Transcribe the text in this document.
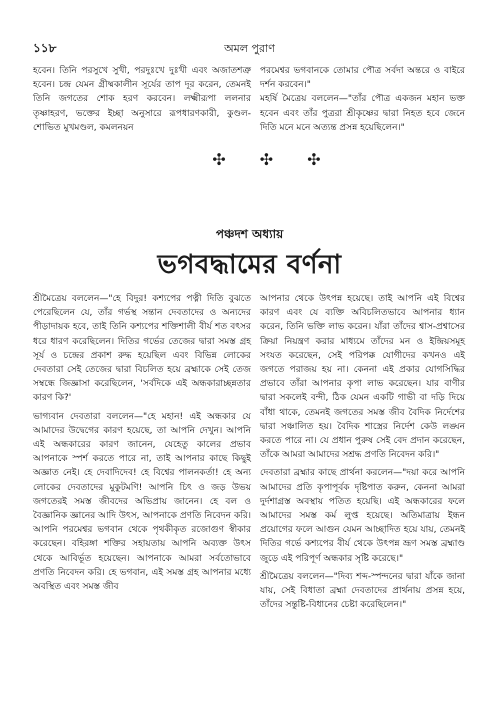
১১৮	অমল পুরাণ

হবেন। তিনি পরসুখে সুখী, পরদুঃখে দুঃখী এবং অজাতশত্রু হবেন। চন্দ্র যেমন গ্রীষ্মকালীন সূর্যের তাপ দূর করেন, তেমনই তিনি জগতের শোক হরণ করবেন। লক্ষ্মীরূপা ললনার তৃষ্ণাহরণ, ভক্তের ইচ্ছা অনুসারে রূপধারণকারী, কুণ্ডল-শোভিত মুখমণ্ডল, কমলনয়ন

পরমেশ্বর ভগবানকে তোমার পৌত্র সর্বদা অন্তরে ও বাইরে দর্শন করবেন।"

মহর্ষি মৈত্রেয় বললেন—"তাঁর পৌত্র একজন মহান ভক্ত হবেন এবং তাঁর পুত্ররা শ্রীকৃষ্ণের দ্বারা নিহত হবে জেনে দিতি মনে মনে অত্যন্ত প্রসন্ন হয়েছিলেন।"

✣✣✣
পঞ্চদশ অধ্যায়
ভগবদ্ধামের বর্ণনা

শ্রীমৈত্রেয় বললেন—"হে বিদুর! কশ্যপের পত্নী দিতি বুঝতে পেরেছিলেন যে, তাঁর গর্ভস্থ সন্তান দেবতাদের ও অন্যদের পীড়াদায়ক হবে, তাই তিনি কশ্যপের শক্তিশালী বীর্য শত বৎসর ধরে ধারণ করেছিলেন। দিতির গর্ভের তেজের দ্বারা সমস্ত গ্রহ সূর্য ও চন্দ্রের প্রকাশ রুদ্ধ হয়েছিল এবং বিভিন্ন লোকের দেবতারা সেই তেজের দ্বারা বিচলিত হয়ে ব্রহ্মাকে সেই তেজ সম্বন্ধে জিজ্ঞাসা করেছিলেন, 'সর্বদিকে এই অন্ধকারাচ্ছন্নতার কারণ কি?'

ভাগ্যবান দেবতারা বললেন—"হে মহান! এই অন্ধকার যে আমাদের উদ্বেগের কারণ হয়েছে, তা আপনি দেখুন। আপনি এই অন্ধকারের কারণ জানেন, যেহেতু কালের প্রভাব আপনাকে স্পর্শ করতে পারে না, তাই আপনার কাছে কিছুই অজ্ঞাত নেই। হে দেবাদিদেব! হে বিশ্বের পালনকর্তা! হে অন্য লোকের দেবতাদের মুকুটমণি! আপনি চিৎ ও জড় উভয় জগতেরই সমস্ত জীবদের অভিপ্রায় জানেন। হে বল ও বৈজ্ঞানিক জ্ঞানের আদি উৎস, আপনাকে প্রণতি নিবেদন করি। আপনি পরমেশ্বর ভগবান থেকে পৃথকীকৃত রজোগুণ স্বীকার করেছেন। বহিরঙ্গা শক্তির সহায়তায় আপনি অব্যক্ত উৎস থেকে আবির্ভূত হয়েছেন। আপনাকে আমরা সর্বতোভাবে প্রণতি নিবেদন করি। হে ভগবান, এই সমস্ত গ্রহ আপনার মধ্যে অবস্থিত এবং সমস্ত জীব

আপনার থেকে উৎপন্ন হয়েছে। তাই আপনি এই বিশ্বের কারণ এবং যে ব্যক্তি অবিচলিতভাবে আপনার ধ্যান করেন, তিনি ভক্তি লাভ করেন। যাঁরা তাঁদের শ্বাস-প্রশ্বাসের ক্রিয়া নিয়ন্ত্রণ করার মাধ্যমে তাঁদের মন ও ইন্দ্রিয়সমূহ সংযত করেছেন, সেই পরিপক্ক যোগীদের কখনও এই জগতে পরাজয় হয় না। কেননা এই প্রকার যোগসিদ্ধির প্রভাবে তাঁরা আপনার কৃপা লাভ করেছেন। যার বাণীর দ্বারা সকলেই বন্দী, ঠিক যেমন একটি গাভী বা দড়ি দিয়ে বাঁধা থাকে, তেমনই জগতের সমস্ত জীব বৈদিক নির্দেশের দ্বারা সঞ্চালিত হয়। বৈদিক শাস্ত্রের নির্দেশ কেউ লঙ্ঘন করতে পারে না। যে প্রধান পুরুষ সেই বেদ প্রদান করেছেন, তাঁকে আমরা আমাদের সশ্রদ্ধ প্রণতি নিবেদন করি।"

দেবতারা ব্রহ্মার কাছে প্রার্থনা করলেন—"দয়া করে আপনি আমাদের প্রতি কৃপাপূর্বক দৃষ্টিপাত করুন, কেননা আমরা দুর্দশাগ্রস্ত অবস্থায় পতিত হয়েছি। এই অন্ধকারের ফলে আমাদের সমস্ত কর্ম লুপ্ত হয়েছে। অতিমাত্রায় ইন্ধন প্রয়োগের ফলে আগুন যেমন আচ্ছাদিত হয়ে যায়, তেমনই দিতির গর্ভে কশ্যপের বীর্য থেকে উৎপন্ন ভ্রূণ সমস্ত ব্রহ্মাণ্ড জুড়ে এই পরিপূর্ণ অন্ধকার সৃষ্টি করেছে।"

শ্রীমৈত্রেয় বললেন—"দিব্য শব্দ-স্পন্দনের দ্বারা যাঁকে জানা যায়, সেই বিধাতা ব্রহ্মা দেবতাদের প্রার্থনায় প্রসন্ন হয়ে, তাঁদের সন্তুষ্টি-বিধানের চেষ্টা করেছিলেন।"
